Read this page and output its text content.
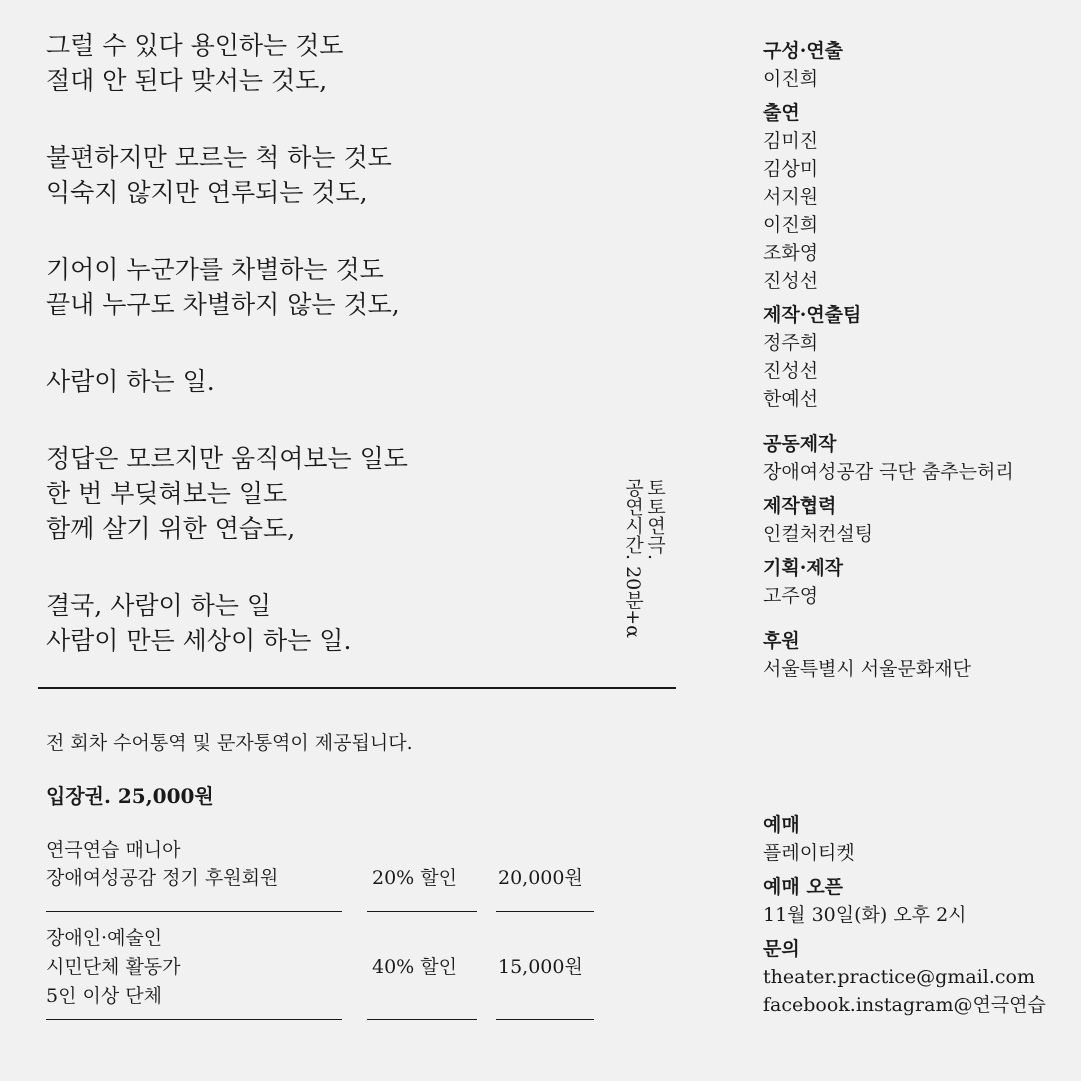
그럴 수 있다 용인하는 것도
절대 안 된다 맞서는 것도,
불편하지만 모르는 척 하는 것도
익숙지 않지만 연루되는 것도,
기어이 누군가를 차별하는 것도
끝내 누구도 차별하지 않는 것도,
사람이 하는 일.
정답은 모르지만 움직여보는 일도
한 번 부딪혀보는 일도
함께 살기 위한 연습도,
결국, 사람이 하는 일
사람이 만든 세상이 하는 일.
토토연극.
공연시간. 20분+α
전 회차 수어통역 및 문자통역이 제공됩니다.
입장권. 25,000원
연극연습 매니아
장애여성공감 정기 후원회원	20% 할인 20,000원
장애인·예술인
시민단체 활동가
5인 이상 단체
40% 할인 15,000원
구성·연출
이진희
출연
김미진
김상미
서지원
이진희
조화영
진성선
제작·연출팀
정주희
진성선
한예선
공동제작
장애여성공감 극단 춤추는허리
제작협력
인컬처컨설팅
기획·제작
고주영
후원
서울특별시 서울문화재단
예매
플레이티켓
예매 오픈
11월 30일(화) 오후 2시
문의
theater.practice@gmail.com
facebook.instagram@연극연습
